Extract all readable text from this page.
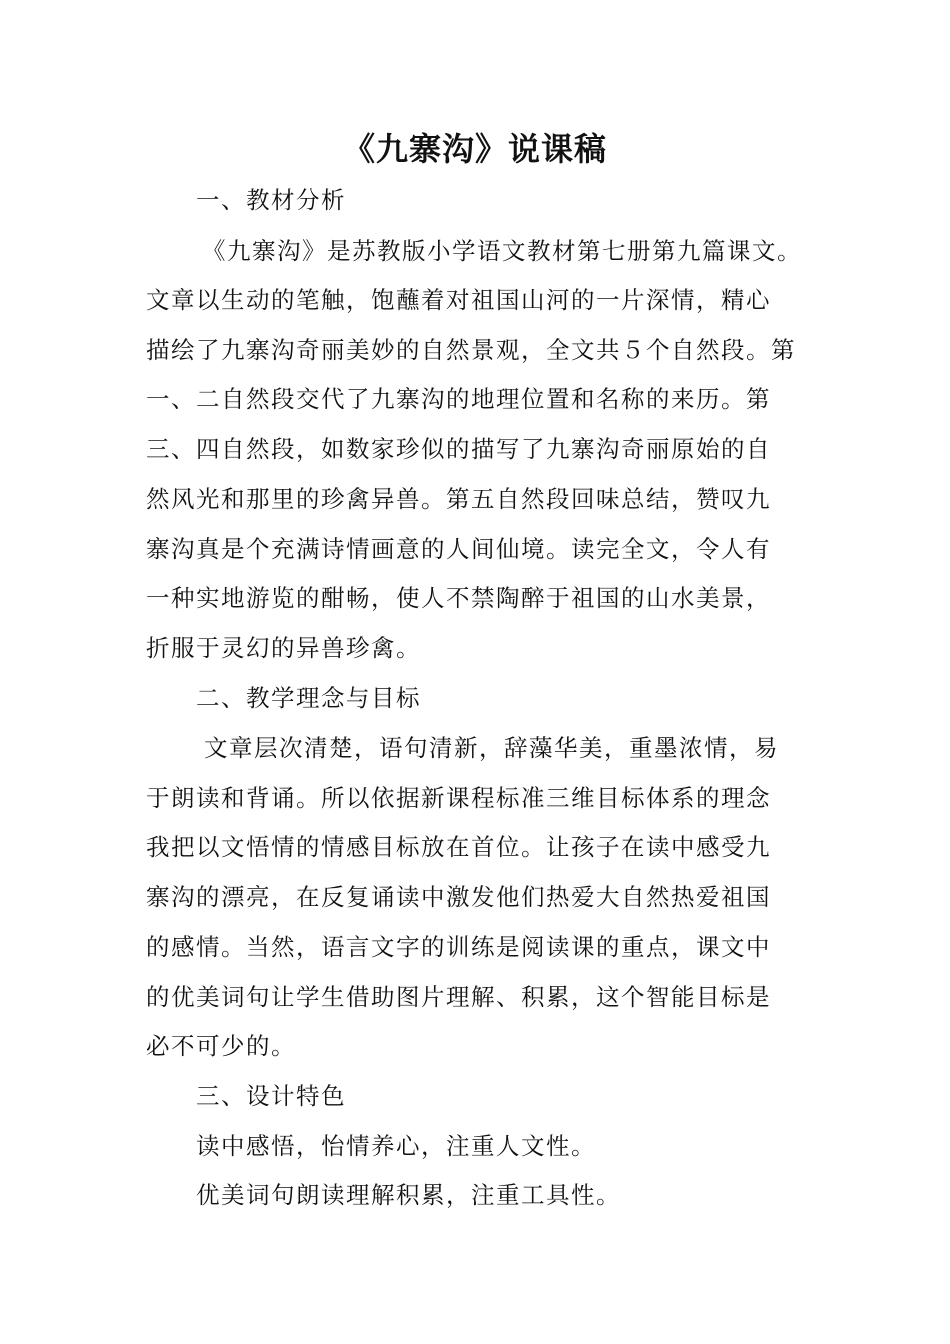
《九寨沟》说课稿
一、教材分析
《九寨沟》是苏教版小学语文教材第七册第九篇课文。
文章以生动的笔触，饱蘸着对祖国山河的一片深情，精心
描绘了九寨沟奇丽美妙的自然景观，全文共５个自然段。第
一、二自然段交代了九寨沟的地理位置和名称的来历。第
三、四自然段，如数家珍似的描写了九寨沟奇丽原始的自
然风光和那里的珍禽异兽。第五自然段回味总结，赞叹九
寨沟真是个充满诗情画意的人间仙境。读完全文，令人有
一种实地游览的酣畅，使人不禁陶醉于祖国的山水美景，
折服于灵幻的异兽珍禽。
二、教学理念与目标
文章层次清楚，语句清新，辞藻华美，重墨浓情，易
于朗读和背诵。所以依据新课程标准三维目标体系的理念
我把以文悟情的情感目标放在首位。让孩子在读中感受九
寨沟的漂亮，在反复诵读中激发他们热爱大自然热爱祖国
的感情。当然，语言文字的训练是阅读课的重点，课文中
的优美词句让学生借助图片理解、积累，这个智能目标是
必不可少的。
三、设计特色
读中感悟，怡情养心，注重人文性。
优美词句朗读理解积累，注重工具性。
